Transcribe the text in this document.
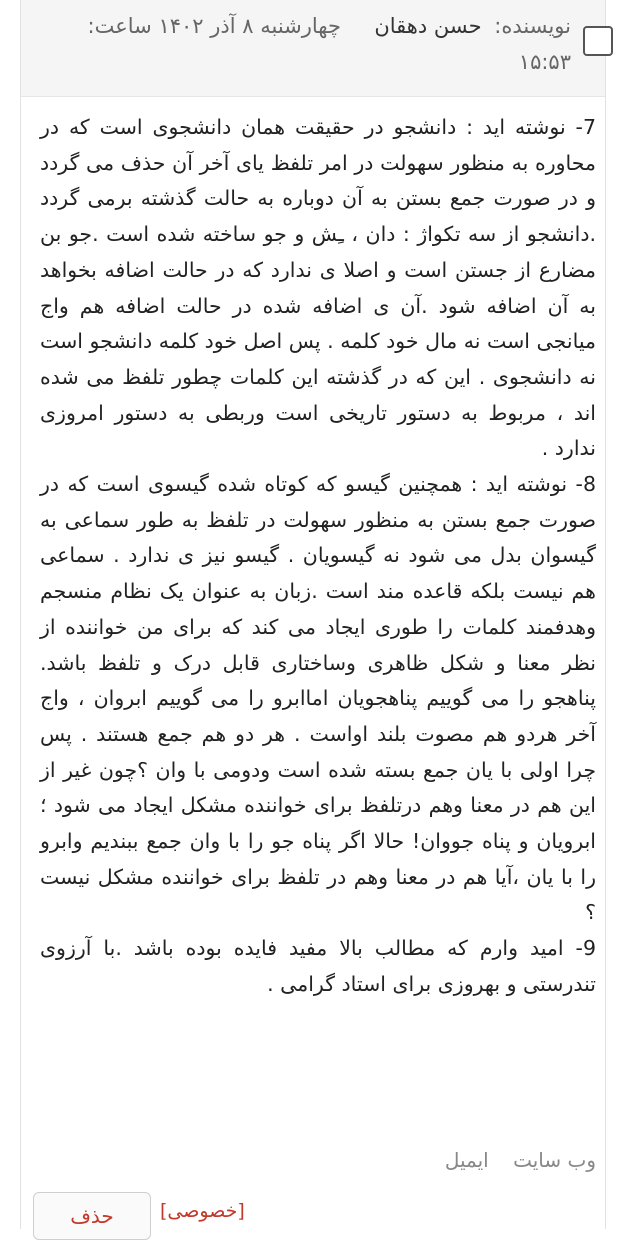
نویسنده: حسن دهقان  چهارشنبه ۸ آذر ۱۴۰۲ ساعت: ۱۵:۵۳

7- نوشته اید : دانشجو در حقیقت همان دانشجوی است که در محاوره به منظور سهولت در امر تلفظ یای آخر آن حذف می گردد و در صورت جمع بستن به آن دوباره به حالت گذشته برمی گردد .دانشجو از سه تکواژ : دان ، ـِش و جو ساخته شده است .جو بن مضارع از جستن است و اصلا ی ندارد که در حالت اضافه بخواهد به آن اضافه شود .آن ی اضافه شده در حالت اضافه هم واج میانجی است نه مال خود کلمه . پس اصل خود کلمه دانشجو است نه دانشجوی . این که در گذشته این کلمات چطور تلفظ می شده اند ، مربوط به دستور تاریخی است وربطی به دستور امروزی ندارد .

8- نوشته اید : همچنین گیسو که کوتاه شده گیسوی است که در صورت جمع بستن به منظور سهولت در تلفظ به طور سماعی به گیسوان بدل می شود نه گیسویان . گیسو نیز ی ندارد . سماعی هم نیست بلکه قاعده مند است .زبان به عنوان یک نظام منسجم وهدفمند کلمات را طوری ایجاد می کند که برای من خواننده از نظر معنا و شکل ظاهری وساختاری قابل درک و تلفظ باشد. پناهجو را می گوییم پناهجویان اماابرو را می گوییم ابروان ، واج آخر هردو هم مصوت بلند اواست . هر دو هم جمع هستند . پس چرا اولی با یان جمع بسته شده است ودومی با وان ؟چون غیر از این هم در معنا وهم درتلفظ برای خواننده مشکل ایجاد می شود ؛ ابرویان و پناه جووان! حالا اگر پناه جو را با وان جمع ببندیم وابرو را با یان ،آیا هم در معنا وهم در تلفظ برای خواننده مشکل نیست ؟

9- امید وارم که مطالب بالا مفید فایده بوده باشد .با آرزوی تندرستی و بهروزی برای استاد گرامی .

وب سایت ایمیل
[خصوصی]
حذف
